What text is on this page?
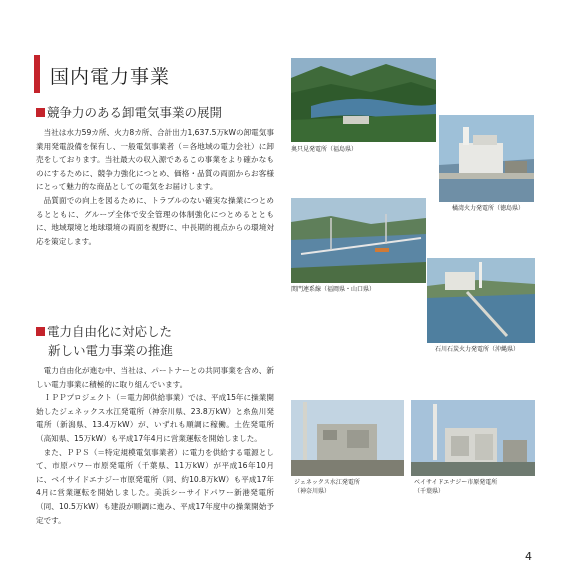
国内電力事業
競争力のある卸電気事業の展開

当社は水力59カ所、火力8カ所、合計出力1,637.5万kWの卸電気事業用発電設備を保有し、一般電気事業者（＝各地域の電力会社）に卸売をしております。当社最大の収入源であるこの事業をより確かなものにするために、競争力強化につとめ、価格・品質の両面からお客様にとって魅力的な商品としての電気をお届けします。

品質面での向上を図るために、トラブルのない確実な操業につとめるとともに、グループ全体で安全管理の体制強化につとめるとともに、地域環境と地球環境の両面を視野に、中長期的視点からの環境対応を策定します。

電力自由化に対応した
新しい電力事業の推進

電力自由化が進む中、当社は、パートナーとの共同事業を含め、新しい電力事業に積極的に取り組んでいます。

ＩＰＰプロジェクト（＝電力卸供給事業）では、平成15年に操業開始したジェネックス水江発電所（神奈川県、23.8万kW）と糸魚川発電所（新潟県、13.4万kW）が、いずれも順調に稼働。土佐発電所（高知県、15万kW）も平成17年4月に営業運転を開始しました。

また、ＰＰＳ（＝特定規模電気事業者）に電力を供給する電源として、市原パワー市原発電所（千葉県、11万kW）が平成16年10月に、ベイサイドエナジー市原発電所（同、約10.8万kW）も平成17年4月に営業運転を開始しました。美浜シーサイドパワー新港発電所（同、10.5万kW）も建設が順調に進み、平成17年度中の操業開始予定です。

奥只見発電所（福島県）
橘湾火力発電所（徳島県）
関門連系線（福岡県・山口県）
石川石炭火力発電所（沖縄県）
ジェネックス水江発電所
（神奈川県）
ベイサイドエナジー市原発電所
（千葉県）
4
